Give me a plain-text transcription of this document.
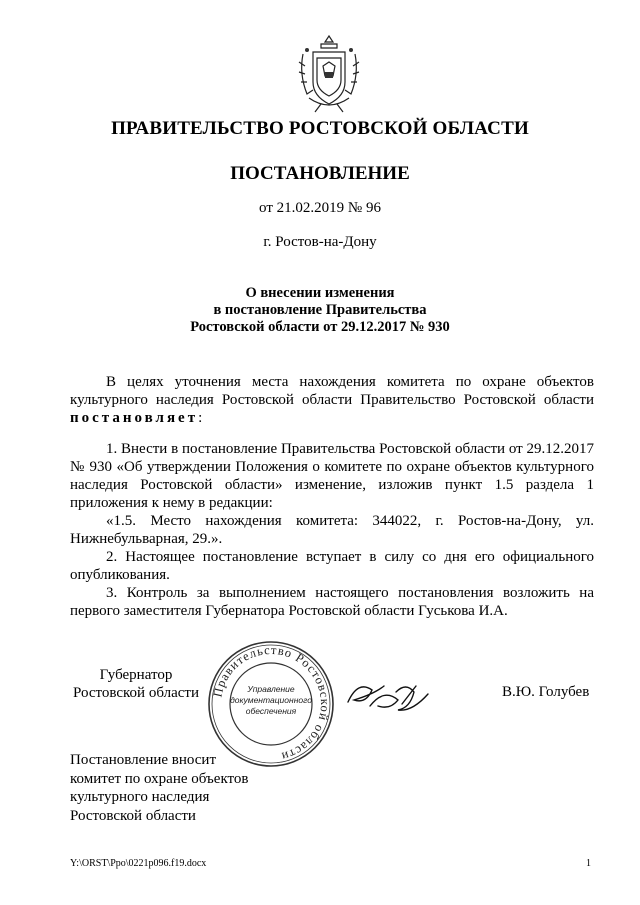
ПРАВИТЕЛЬСТВО РОСТОВСКОЙ ОБЛАСТИ
ПОСТАНОВЛЕНИЕ
от 21.02.2019 № 96
г. Ростов-на-Дону
О внесении изменения
в постановление Правительства
Ростовской области от 29.12.2017 № 930
В целях уточнения места нахождения комитета по охране объектов культурного наследия Ростовской области Правительство Ростовской области постановляет:
1. Внести в постановление Правительства Ростовской области от 29.12.2017 № 930 «Об утверждении Положения о комитете по охране объектов культурного наследия Ростовской области» изменение, изложив пункт 1.5 раздела 1 приложения к нему в редакции:
«1.5. Место нахождения комитета: 344022, г. Ростов-на-Дону, ул. Нижнебульварная, 29.».
2. Настоящее постановление вступает в силу со дня его официального опубликования.
3. Контроль за выполнением настоящего постановления возложить на первого заместителя Губернатора Ростовской области Гуськова И.А.
Губернатор
Ростовской области Правительство Ростовской области
Управление документационного обеспечения
В.Ю. Голубев
Постановление вносит
комитет по охране объектов
культурного наследия
Ростовской области
Y:\ORST\Ppo\0221p096.f19.docx	1
